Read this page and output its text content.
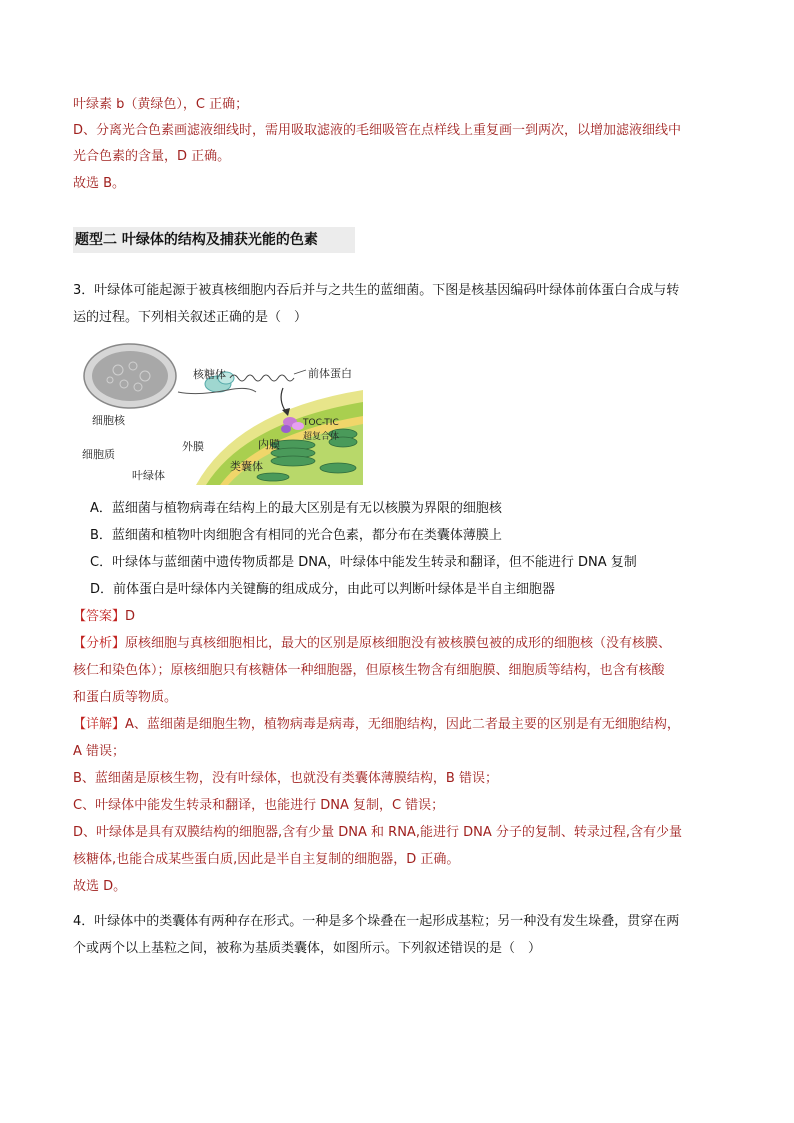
叶绿素 b（黄绿色），C 正确；
D、分离光合色素画滤液细线时，需用吸取滤液的毛细吸管在点样线上重复画一到两次，以增加滤液细线中
光合色素的含量，D 正确。
故选 B。
题型二 叶绿体的结构及捕获光能的色素
3．叶绿体可能起源于被真核细胞内吞后并与之共生的蓝细菌。下图是核基因编码叶绿体前体蛋白合成与转
运的过程。下列相关叙述正确的是（　）
核糖体	前体蛋白
细胞核	TOC-TIC
超复合体
外膜	内膜
细胞质
类囊体
叶绿体
A．蓝细菌与植物病毒在结构上的最大区别是有无以核膜为界限的细胞核
B．蓝细菌和植物叶肉细胞含有相同的光合色素，都分布在类囊体薄膜上
C．叶绿体与蓝细菌中遗传物质都是 DNA，叶绿体中能发生转录和翻译，但不能进行 DNA 复制
D．前体蛋白是叶绿体内关键酶的组成成分，由此可以判断叶绿体是半自主细胞器
【答案】D
【分析】原核细胞与真核细胞相比，最大的区别是原核细胞没有被核膜包被的成形的细胞核（没有核膜、
核仁和染色体）；原核细胞只有核糖体一种细胞器，但原核生物含有细胞膜、细胞质等结构，也含有核酸
和蛋白质等物质。
【详解】A、蓝细菌是细胞生物，植物病毒是病毒，无细胞结构，因此二者最主要的区别是有无细胞结构，
A 错误；
B、蓝细菌是原核生物，没有叶绿体，也就没有类囊体薄膜结构，B 错误；
C、叶绿体中能发生转录和翻译，也能进行 DNA 复制，C 错误；
D、叶绿体是具有双膜结构的细胞器,含有少量 DNA 和 RNA,能进行 DNA 分子的复制、转录过程,含有少量
核糖体,也能合成某些蛋白质,因此是半自主复制的细胞器，D 正确。
故选 D。
4．叶绿体中的类囊体有两种存在形式。一种是多个垛叠在一起形成基粒；另一种没有发生垛叠，贯穿在两
个或两个以上基粒之间，被称为基质类囊体，如图所示。下列叙述错误的是（　）
